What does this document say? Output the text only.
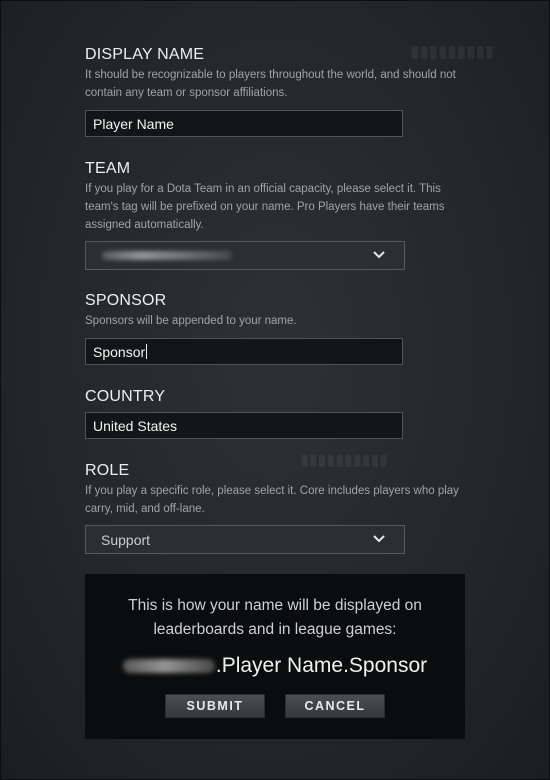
▮▮▮▮▮▮▮▮▮
▮▮▮▮▮▮▮▮▮▮
DISPLAY NAME
It should be recognizable to players throughout the world, and should not contain any team or sponsor affiliations.
Player Name
TEAM
If you play for a Dota Team in an official capacity, please select it. This team's tag will be prefixed on your name. Pro Players have their teams assigned automatically.
SPONSOR
Sponsors will be appended to your name.
Sponsor
COUNTRY
United States
ROLE
If you play a specific role, please select it. Core includes players who play carry, mid, and off-lane.
Support
This is how your name will be displayed on
leaderboards and in league games:
.Player Name.Sponsor
SUBMIT	CANCEL
